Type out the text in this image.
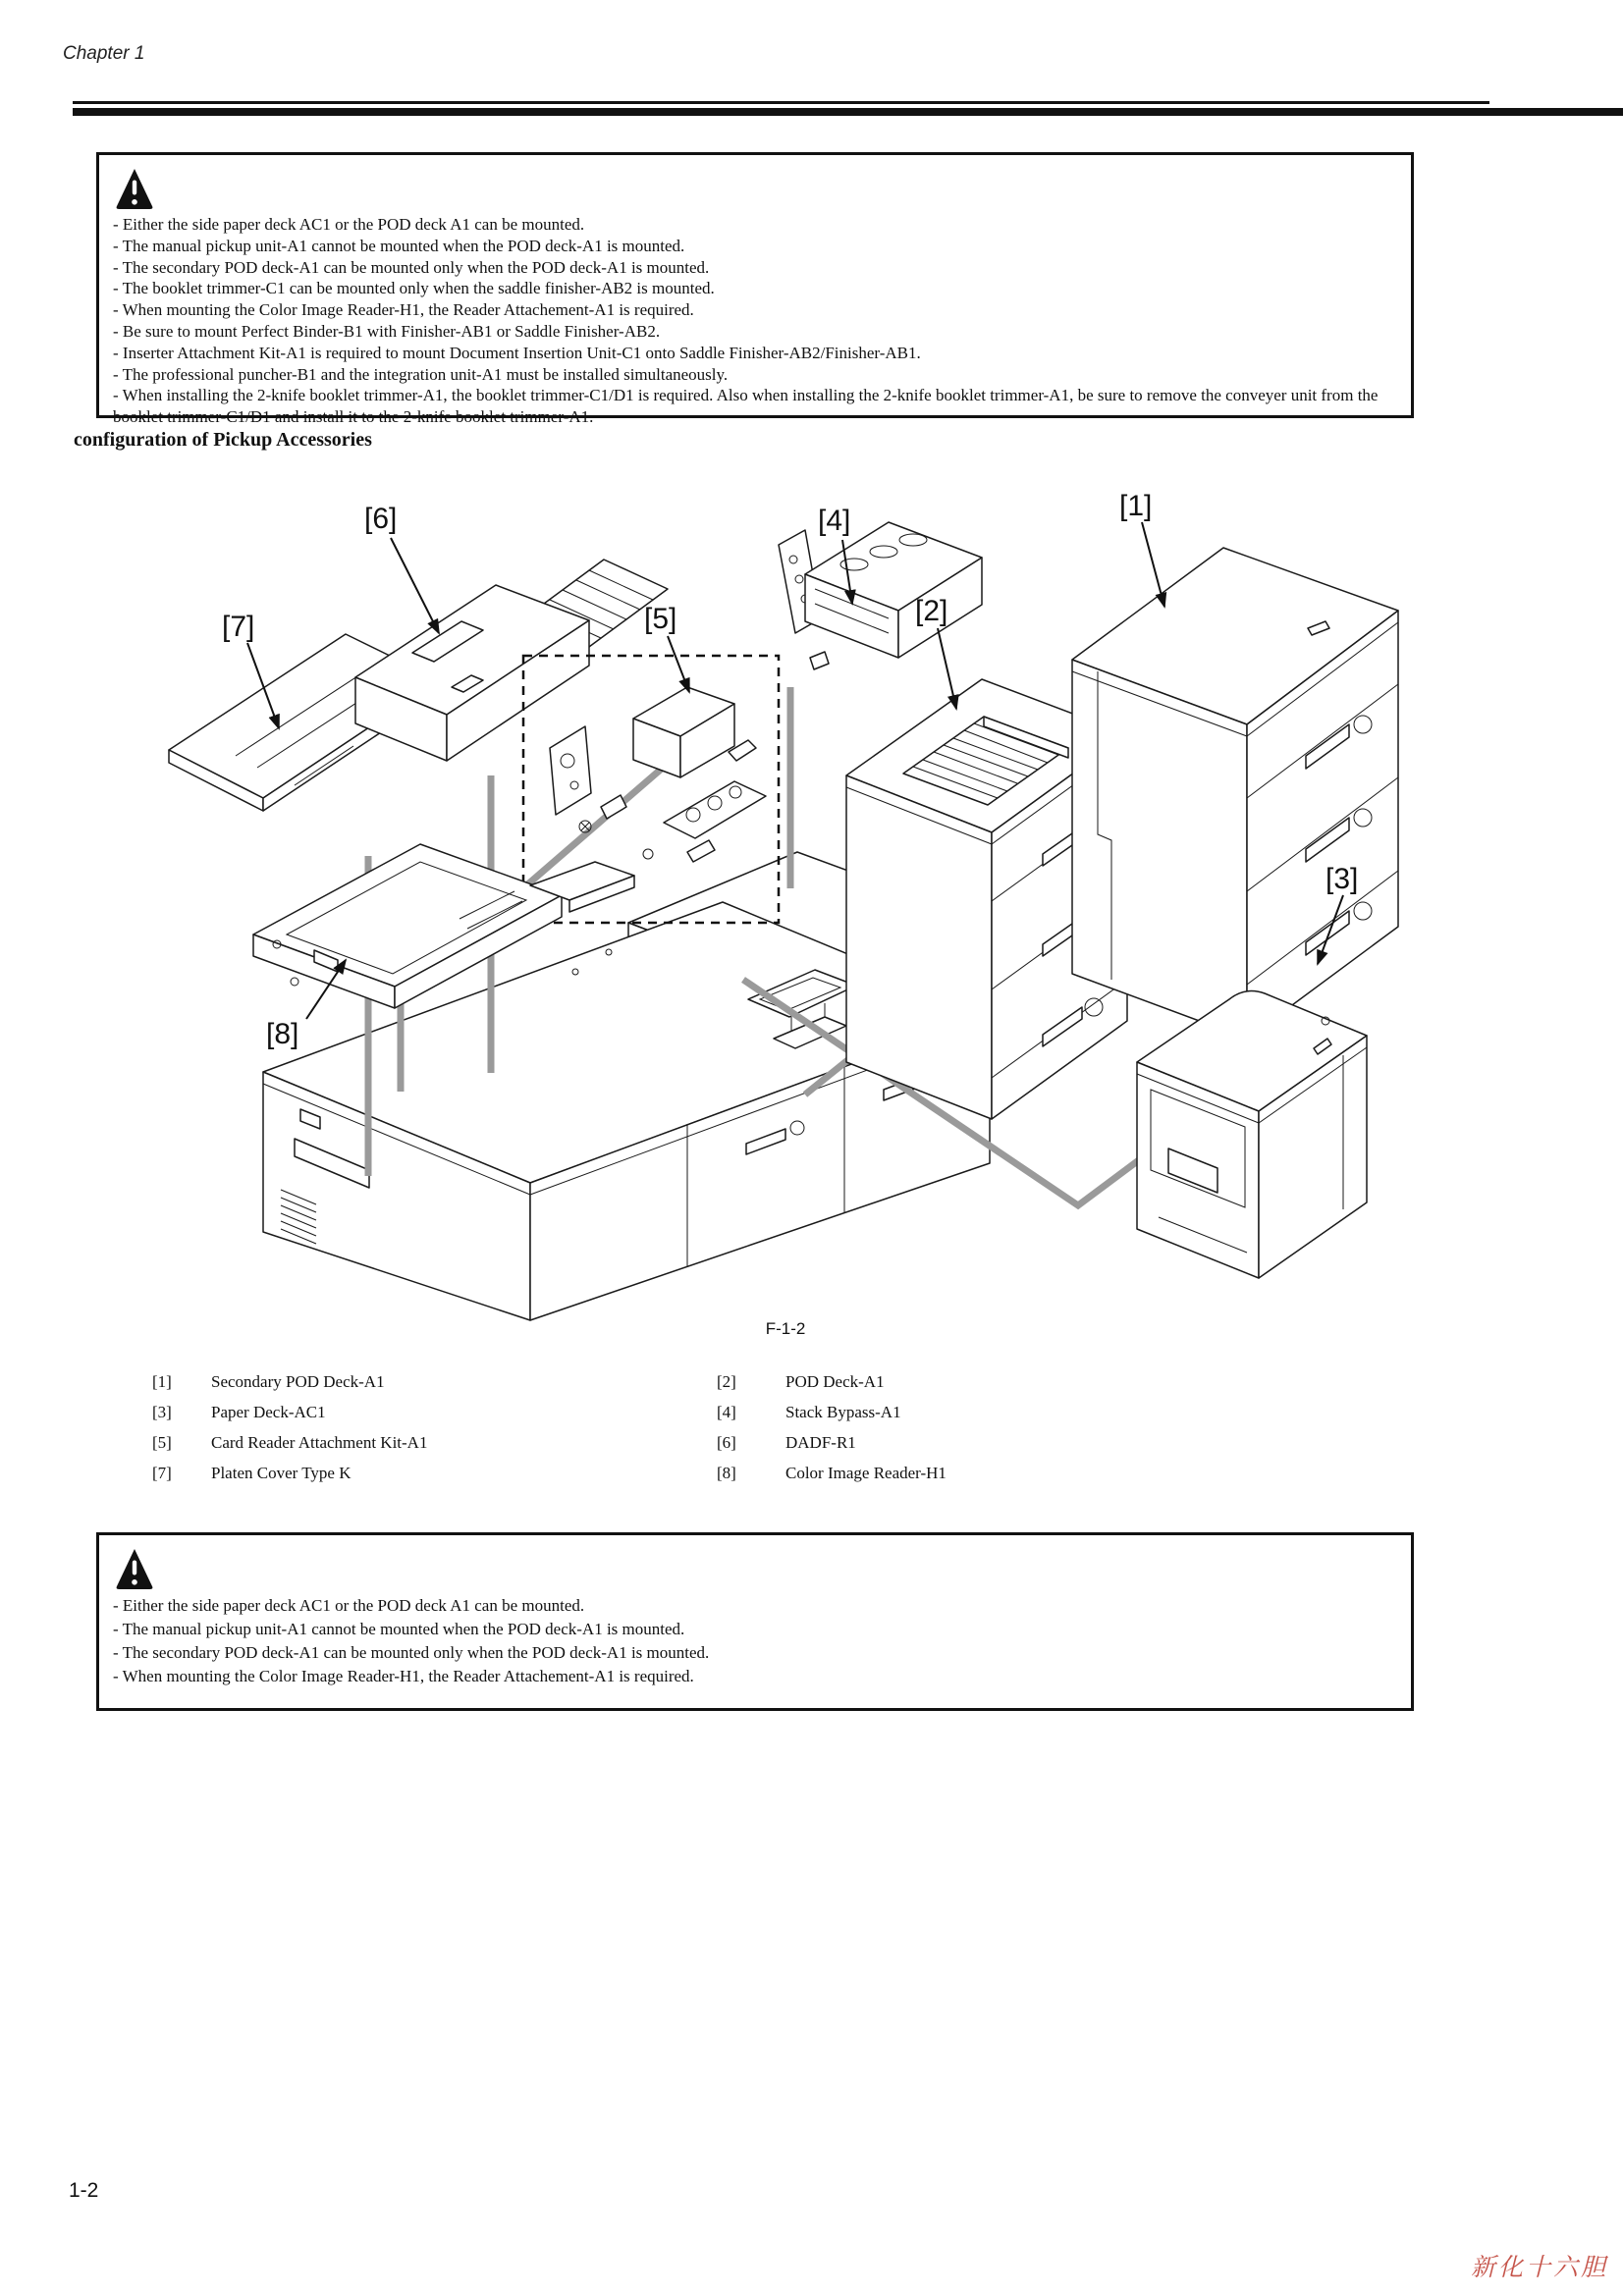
Chapter 1
- Either the side paper deck AC1 or the POD deck A1 can be mounted.
- The manual pickup unit-A1 cannot be mounted when the POD deck-A1 is mounted.
- The secondary POD deck-A1 can be mounted only when the POD deck-A1 is mounted.
- The booklet trimmer-C1 can be mounted only when the saddle finisher-AB2 is mounted.
- When mounting the Color Image Reader-H1, the Reader Attachement-A1 is required.
- Be sure to mount Perfect Binder-B1 with Finisher-AB1 or Saddle Finisher-AB2.
- Inserter Attachment Kit-A1 is required to mount Document Insertion Unit-C1 onto Saddle Finisher-AB2/Finisher-AB1.
- The professional puncher-B1 and the integration unit-A1 must be installed simultaneously.
- When installing the 2-knife booklet trimmer-A1, the booklet trimmer-C1/D1 is required. Also when installing the 2-knife booklet trimmer-A1, be sure to remove the conveyer unit from the booklet trimmer-C1/D1 and install it to the 2-knife booklet trimmer-A1.
configuration of Pickup Accessories
[1]
[2]
[3]
[4]
[5]
[6]
[7]
[8]
F-1-2
[1] Secondary POD Deck-A1	[2]	POD Deck-A1
[3] Paper Deck-AC1	[4]	Stack Bypass-A1
[5] Card Reader Attachment Kit-A1	[6]	DADF-R1
[7] Platen Cover Type K	[8]	Color Image Reader-H1
- Either the side paper deck AC1 or the POD deck A1 can be mounted.
- The manual pickup unit-A1 cannot be mounted when the POD deck-A1 is mounted.
- The secondary POD deck-A1 can be mounted only when the POD deck-A1 is mounted.
- When mounting the Color Image Reader-H1, the Reader Attachement-A1 is required.
1-2
新化十六胆
